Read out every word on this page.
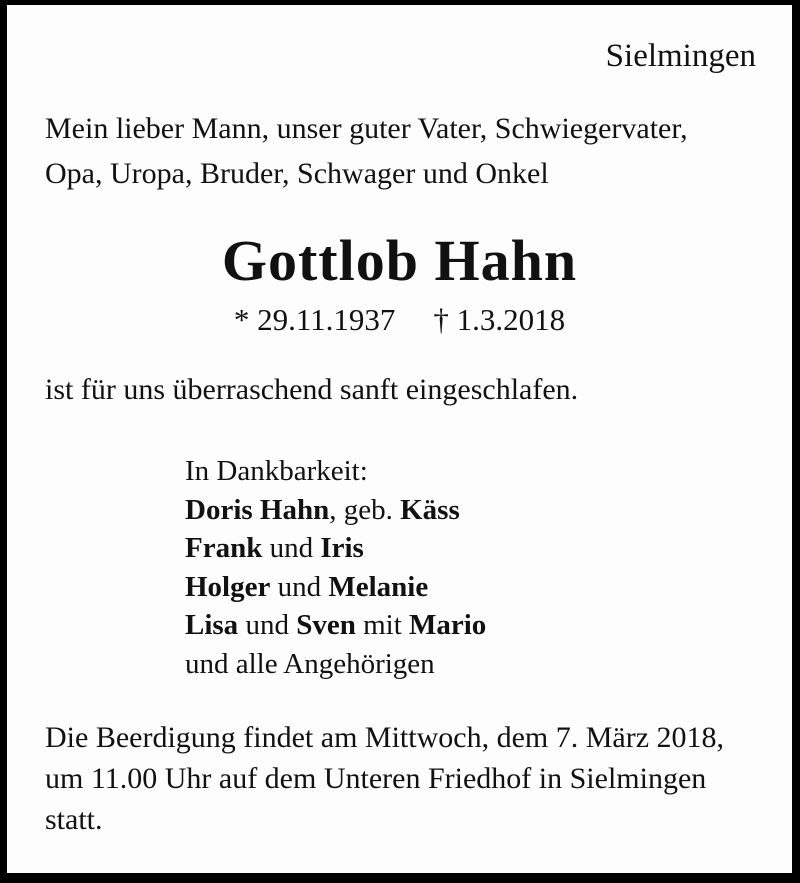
Sielmingen
Mein lieber Mann, unser guter Vater, Schwiegervater,
Opa, Uropa, Bruder, Schwager und Onkel
Gottlob Hahn
* 29.11.1937 † 1.3.2018
ist für uns überraschend sanft eingeschlafen.
In Dankbarkeit:
Doris Hahn, geb. Käss
Frank und Iris
Holger und Melanie
Lisa und Sven mit Mario
und alle Angehörigen
Die Beerdigung findet am Mittwoch, dem 7. März 2018,
um 11.00 Uhr auf dem Unteren Friedhof in Sielmingen
statt.
